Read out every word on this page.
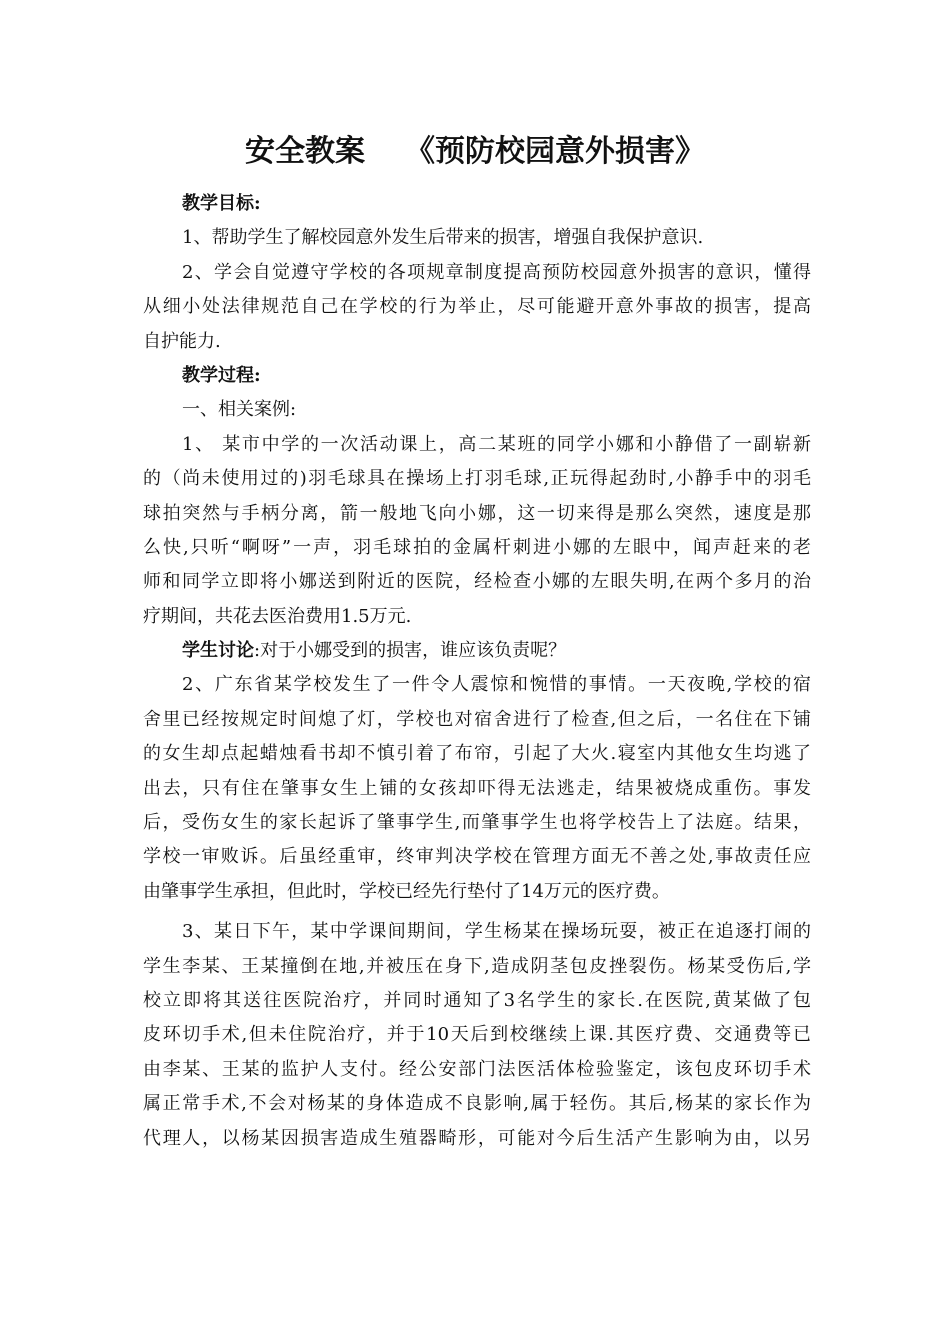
安全教案 《预防校园意外损害》
教学目标:
1、帮助学生了解校园意外发生后带来的损害，增强自我保护意识.
2、学会自觉遵守学校的各项规章制度提高预防校园意外损害的意识，懂得
从细小处法律规范自己在学校的行为举止，尽可能避开意外事故的损害，提高
自护能力.
教学过程:
一、相关案例:
1、 某市中学的一次活动课上，高二某班的同学小娜和小静借了一副崭新
的（尚未使用过的)羽毛球具在操场上打羽毛球,正玩得起劲时,小静手中的羽毛
球拍突然与手柄分离，箭一般地飞向小娜，这一切来得是那么突然，速度是那
么快,只听“啊呀”一声，羽毛球拍的金属杆刺进小娜的左眼中，闻声赶来的老
师和同学立即将小娜送到附近的医院，经检查小娜的左眼失明,在两个多月的治
疗期间，共花去医治费用1.5万元.
学生讨论:对于小娜受到的损害，谁应该负责呢？
2、广东省某学校发生了一件令人震惊和惋惜的事情。一天夜晚,学校的宿
舍里已经按规定时间熄了灯，学校也对宿舍进行了检查,但之后，一名住在下铺
的女生却点起蜡烛看书却不慎引着了布帘，引起了大火.寝室内其他女生均逃了
出去，只有住在肇事女生上铺的女孩却吓得无法逃走，结果被烧成重伤。事发
后，受伤女生的家长起诉了肇事学生,而肇事学生也将学校告上了法庭。结果，
学校一审败诉。后虽经重审，终审判决学校在管理方面无不善之处,事故责任应
由肇事学生承担，但此时，学校已经先行垫付了14万元的医疗费。
3、某日下午，某中学课间期间，学生杨某在操场玩耍，被正在追逐打闹的
学生李某、王某撞倒在地,并被压在身下,造成阴茎包皮挫裂伤。杨某受伤后,学
校立即将其送往医院治疗，并同时通知了3名学生的家长.在医院,黄某做了包
皮环切手术,但未住院治疗，并于10天后到校继续上课.其医疗费、交通费等已
由李某、王某的监护人支付。经公安部门法医活体检验鉴定，该包皮环切手术
属正常手术,不会对杨某的身体造成不良影响,属于轻伤。其后,杨某的家长作为
代理人，以杨某因损害造成生殖器畸形，可能对今后生活产生影响为由，以另
